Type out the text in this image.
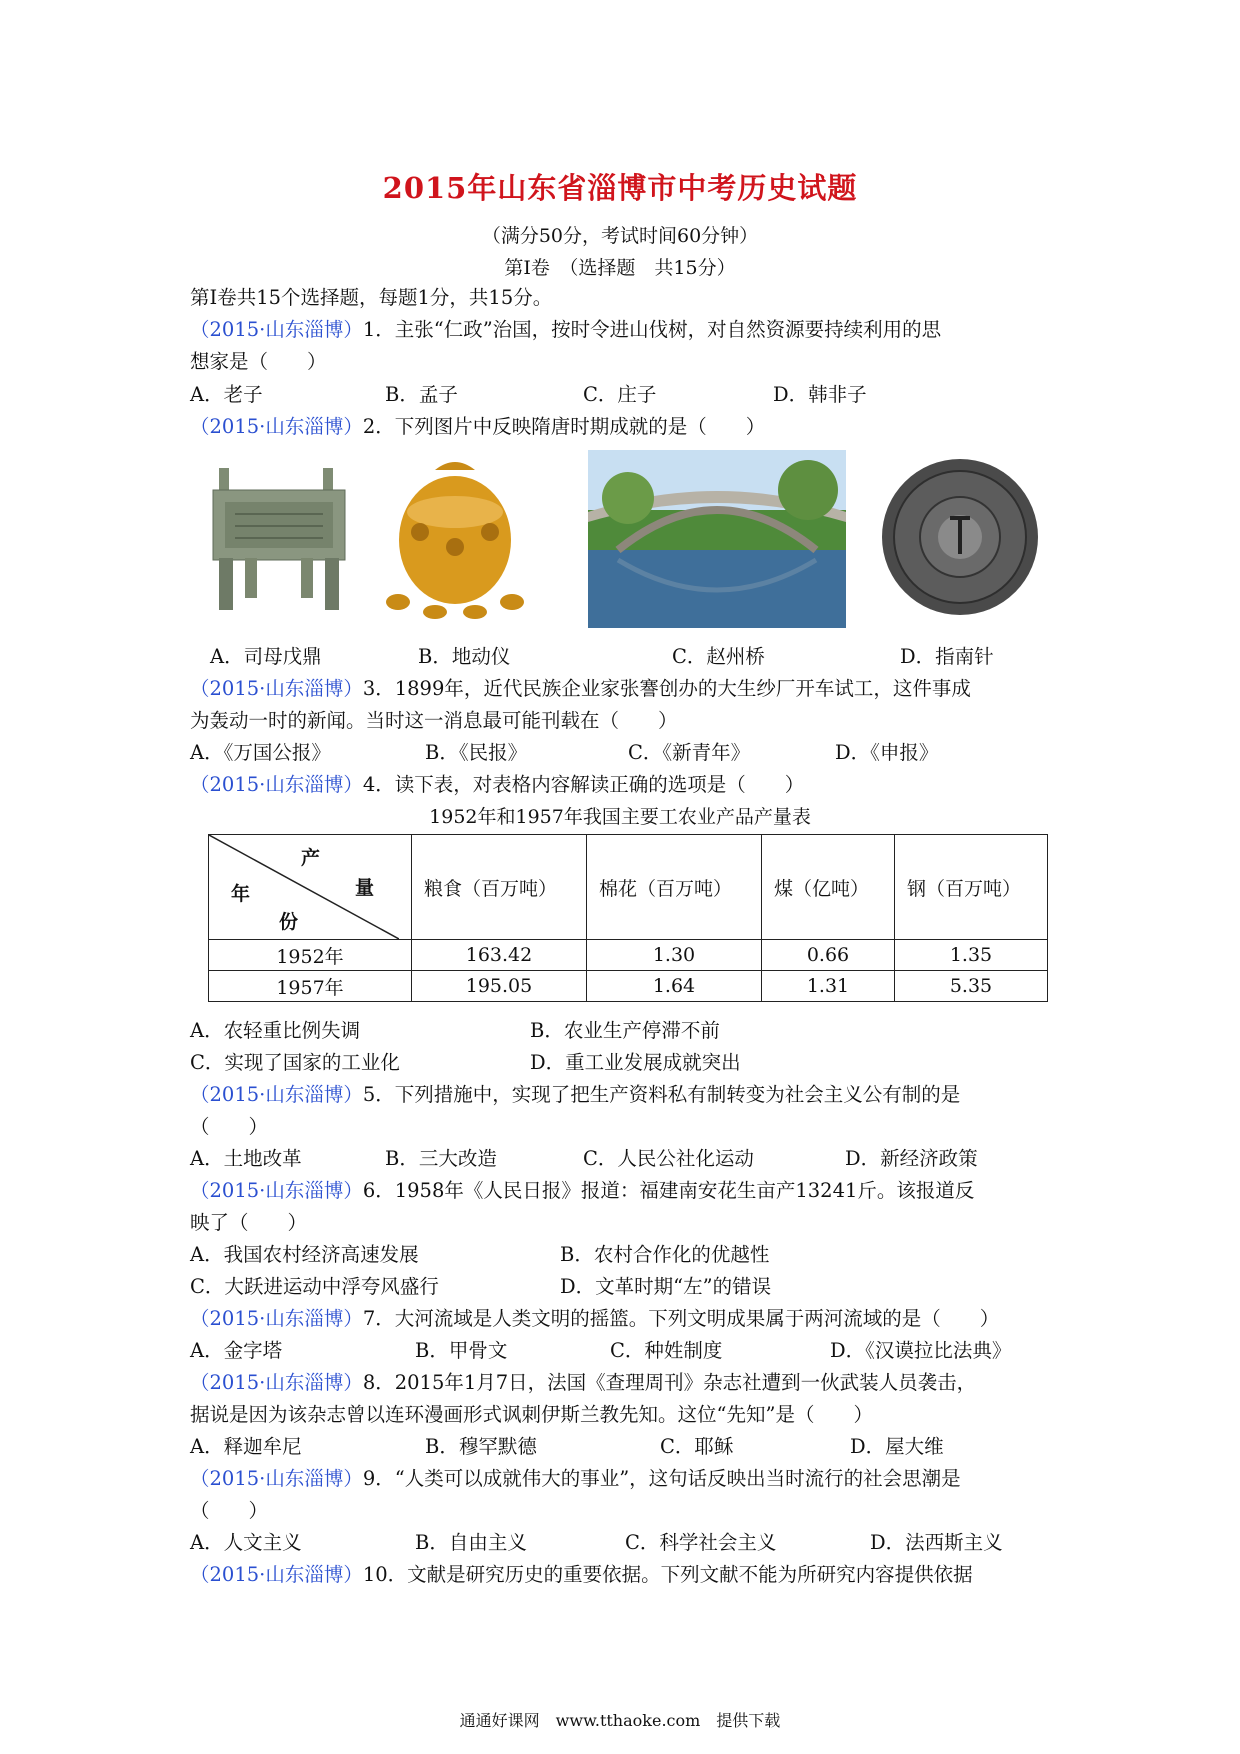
2015年山东省淄博市中考历史试题
（满分50分，考试时间60分钟）
第Ⅰ卷　（选择题　共15分）
第Ⅰ卷共15个选择题，每题1分，共15分。
（2015·山东淄博）1．主张“仁政”治国，按时令进山伐树，对自然资源要持续利用的思
想家是（　　）
A．老子	B．孟子	C．庄子	D．韩非子
（2015·山东淄博）2．下列图片中反映隋唐时期成就的是（　　）
A．司母戊鼎	B．地动仪	C．赵州桥	D．指南针
（2015·山东淄博）3．1899年，近代民族企业家张謇创办的大生纱厂开车试工，这件事成
为轰动一时的新闻。当时这一消息最可能刊载在（　　）
A．《万国公报》	B．《民报》	C．《新青年》	D．《申报》
（2015·山东淄博）4．读下表，对表格内容解读正确的选项是（　　）
1952年和1957年我国主要工农业产品产量表
产
量
年
份	粮食（百万吨）	棉花（百万吨）	煤（亿吨）	钢（百万吨）
1952年	163.42	1.30	0.66	1.35
1957年	195.05	1.64	1.31	5.35
A．农轻重比例失调	B．农业生产停滞不前
C．实现了国家的工业化	D．重工业发展成就突出
（2015·山东淄博）5．下列措施中，实现了把生产资料私有制转变为社会主义公有制的是
（　　）
A．土地改革	B．三大改造	C．人民公社化运动	D．新经济政策
（2015·山东淄博）6．1958年《人民日报》报道：福建南安花生亩产13241斤。该报道反
映了（　　）
A．我国农村经济高速发展	B．农村合作化的优越性
C．大跃进运动中浮夸风盛行	D．文革时期“左”的错误
（2015·山东淄博）7．大河流域是人类文明的摇篮。下列文明成果属于两河流域的是（　　）
A．金字塔	B．甲骨文	C．种姓制度	D．《汉谟拉比法典》
（2015·山东淄博）8．2015年1月7日，法国《查理周刊》杂志社遭到一伙武装人员袭击，
据说是因为该杂志曾以连环漫画形式讽刺伊斯兰教先知。这位“先知”是（　　）
A．释迦牟尼	B．穆罕默德	C．耶稣	D．屋大维
（2015·山东淄博）9．“人类可以成就伟大的事业”，这句话反映出当时流行的社会思潮是
（　　）
A．人文主义	B．自由主义	C．科学社会主义	D．法西斯主义
（2015·山东淄博）10．文献是研究历史的重要依据。下列文献不能为所研究内容提供依据
通通好课网　www.tthaoke.com　提供下载
